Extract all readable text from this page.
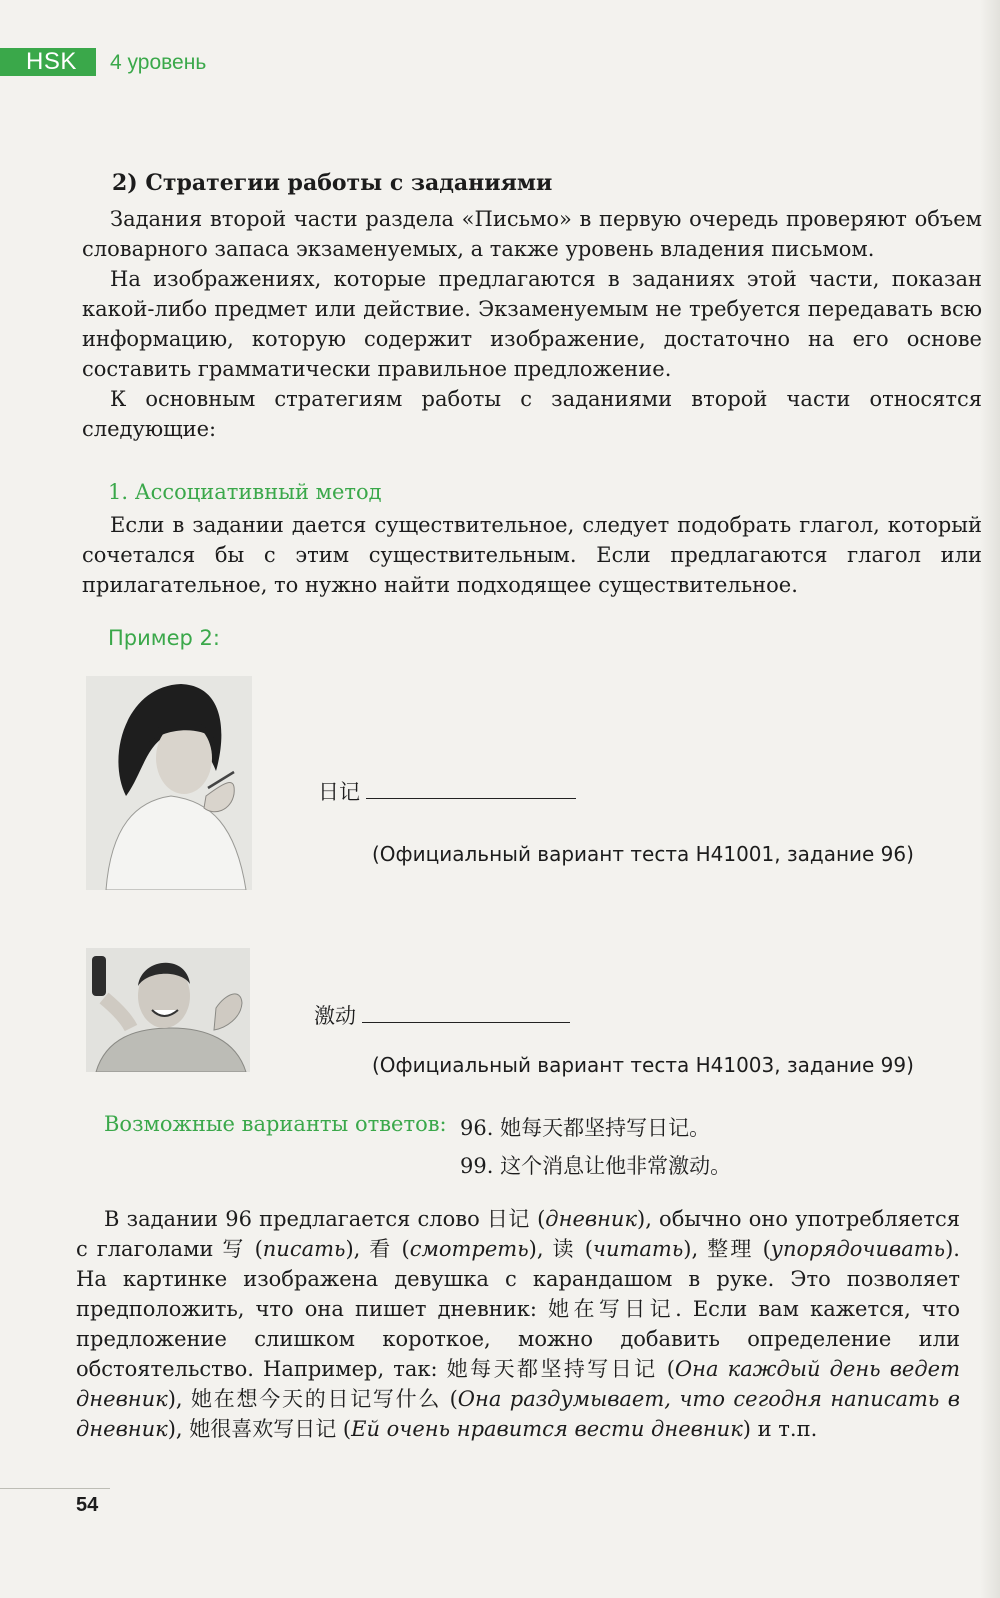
HSK 4 уровень
2) Стратегии работы с заданиями

Задания второй части раздела «Письмо» в первую очередь проверяют объем словарного запаса экзаменуемых, а также уровень владения письмом.

На изображениях, которые предлагаются в заданиях этой части, показан какой-либо предмет или действие. Экзаменуемым не требуется передавать всю информацию, которую содержит изображение, достаточно на его основе составить грамматически правильное предложение.

К основным стратегиям работы с заданиями второй части относятся следующие:

1. Ассоциативный метод

Если в задании дается существительное, следует подобрать глагол, который сочетался бы с этим существительным. Если предлагаются глагол или прилагательное, то нужно найти подходящее существительное.

Пример 2:
日记
(Официальный вариант теста H41001, задание 96)
激动
(Официальный вариант теста H41003, задание 99)
Возможные варианты ответов: 96. 她每天都坚持写日记。
99. 这个消息让他非常激动。

В задании 96 предлагается слово 日记 (дневник), обычно оно употребляется с глаголами 写 (писать), 看 (смотреть), 读 (читать), 整理 (упорядочивать). На картинке изображена девушка с карандашом в руке. Это позволяет предположить, что она пишет дневник: 她在写日记. Если вам кажется, что предложение слишком короткое, можно добавить определение или обстоятельство. Например, так: 她每天都坚持写日记 (Она каждый день ведет дневник), 她在想今天的日记写什么 (Она раздумывает, что сегодня написать в дневник), 她很喜欢写日记 (Ей очень нравится вести дневник) и т.п.

54
